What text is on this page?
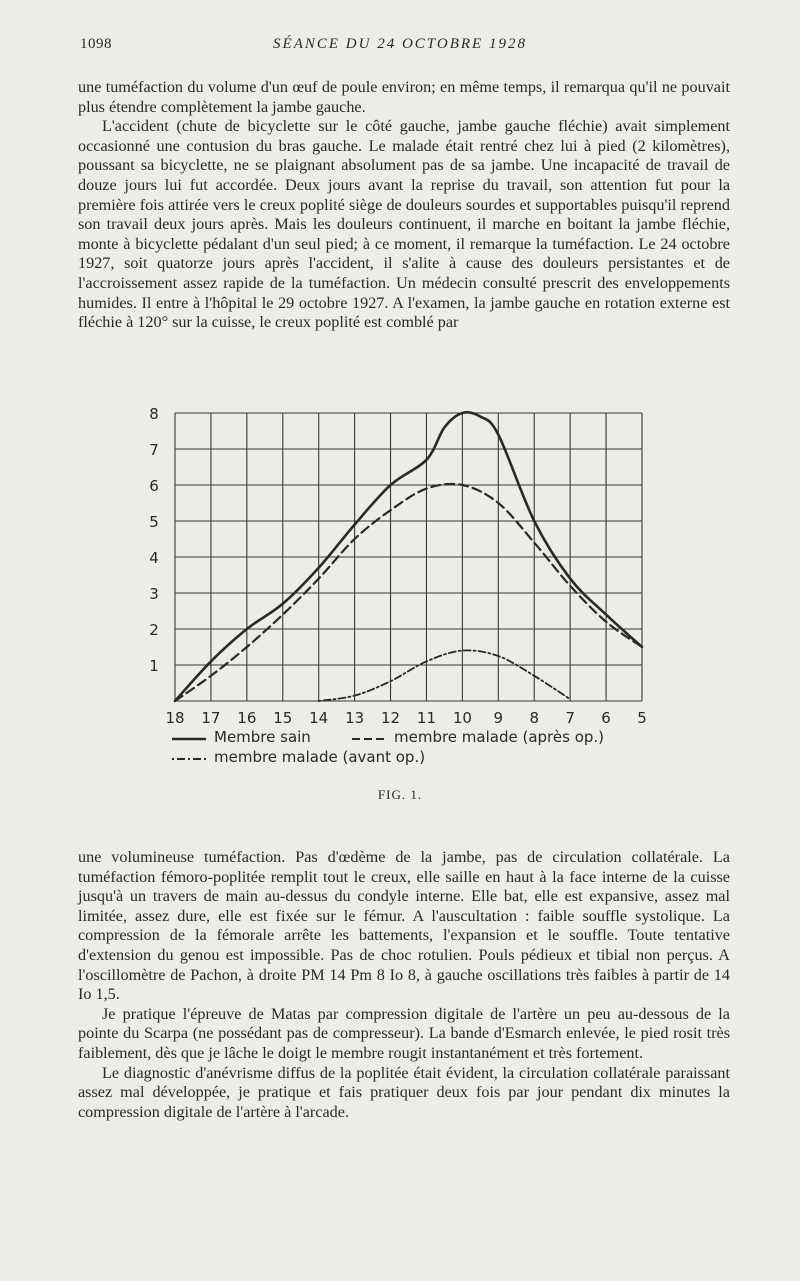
1098	SÉANCE DU 24 OCTOBRE 1928

une tuméfaction du volume d'un œuf de poule environ; en même temps, il remarqua qu'il ne pouvait plus étendre complètement la jambe gauche.

L'accident (chute de bicyclette sur le côté gauche, jambe gauche fléchie) avait simplement occasionné une contusion du bras gauche. Le malade était rentré chez lui à pied (2 kilomètres), poussant sa bicyclette, ne se plaignant absolument pas de sa jambe. Une incapacité de travail de douze jours lui fut accordée. Deux jours avant la reprise du travail, son attention fut pour la première fois attirée vers le creux poplité siège de douleurs sourdes et supportables puisqu'il reprend son travail deux jours après. Mais les douleurs continuent, il marche en boitant la jambe fléchie, monte à bicyclette pédalant d'un seul pied; à ce moment, il remarque la tuméfaction. Le 24 octobre 1927, soit quatorze jours après l'accident, il s'alite à cause des douleurs persistantes et de l'accroissement assez rapide de la tuméfaction. Un médecin consulté prescrit des enveloppements humides. Il entre à l'hôpital le 29 octobre 1927. A l'examen, la jambe gauche en rotation externe est fléchie à 120° sur la cuisse, le creux poplité est comblé par

1
2
3
4
5
6
7
8
18 17 16 15 14 13 12 11 10 9 8 7 6 5
Membre sain	membre malade (après op.)
membre malade (avant op.)
FIG. 1.

une volumineuse tuméfaction. Pas d'œdème de la jambe, pas de circulation collatérale. La tuméfaction fémoro-poplitée remplit tout le creux, elle saille en haut à la face interne de la cuisse jusqu'à un travers de main au-dessus du condyle interne. Elle bat, elle est expansive, assez mal limitée, assez dure, elle est fixée sur le fémur. A l'auscultation : faible souffle systolique. La compression de la fémorale arrête les battements, l'expansion et le souffle. Toute tentative d'extension du genou est impossible. Pas de choc rotulien. Pouls pédieux et tibial non perçus. A l'oscillomètre de Pachon, à droite PM 14 Pm 8 Io 8, à gauche oscillations très faibles à partir de 14 Io 1,5.

Je pratique l'épreuve de Matas par compression digitale de l'artère un peu au-dessous de la pointe du Scarpa (ne possédant pas de compresseur). La bande d'Esmarch enlevée, le pied rosit très faiblement, dès que je lâche le doigt le membre rougit instantanément et très fortement.

Le diagnostic d'anévrisme diffus de la poplitée était évident, la circulation collatérale paraissant assez mal développée, je pratique et fais pratiquer deux fois par jour pendant dix minutes la compression digitale de l'artère à l'arcade.
